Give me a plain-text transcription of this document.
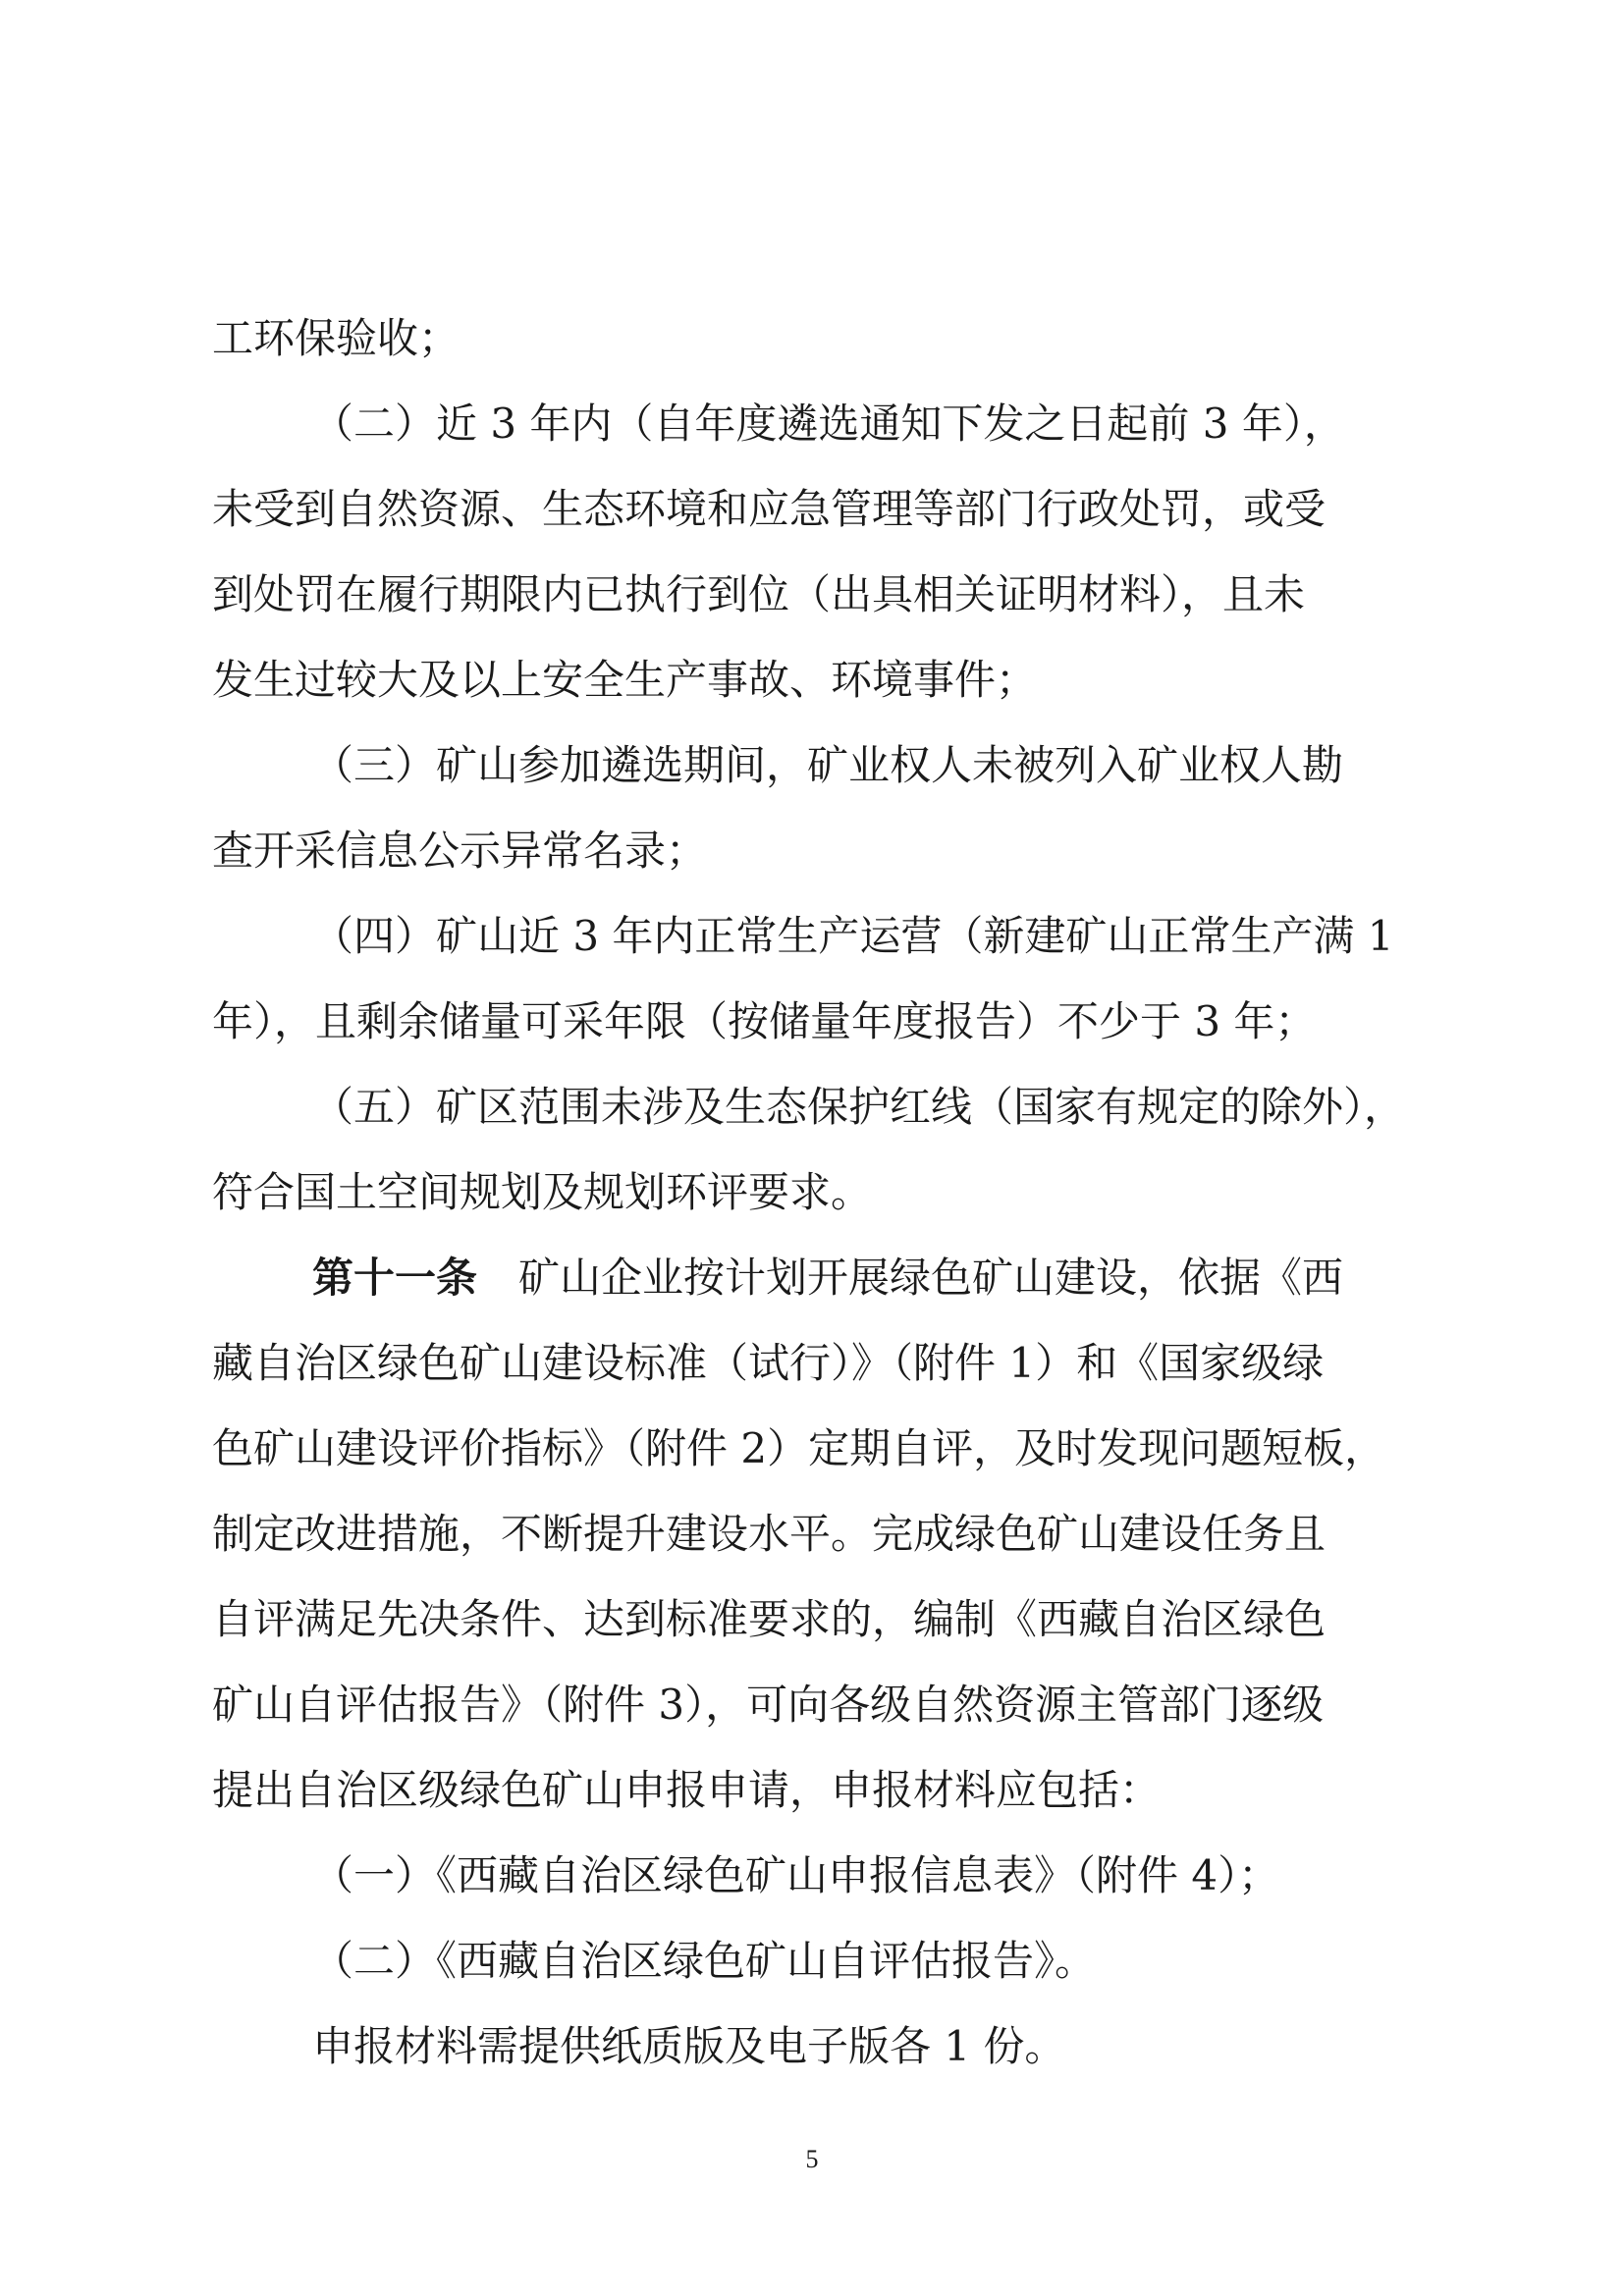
工环保验收；

（二）近 3 年内（自年度遴选通知下发之日起前 3 年），

未受到自然资源、生态环境和应急管理等部门行政处罚，或受

到处罚在履行期限内已执行到位（出具相关证明材料），且未

发生过较大及以上安全生产事故、环境事件；

（三）矿山参加遴选期间，矿业权人未被列入矿业权人勘

查开采信息公示异常名录；

（四）矿山近 3 年内正常生产运营（新建矿山正常生产满 1

年），且剩余储量可采年限（按储量年度报告）不少于 3 年；

（五）矿区范围未涉及生态保护红线（国家有规定的除外），

符合国土空间规划及规划环评要求。

第十一条 　矿山企业按计划开展绿色矿山建设，依据《西

藏自治区绿色矿山建设标准（试行）》（附件 1）和《国家级绿

色矿山建设评价指标》（附件 2）定期自评，及时发现问题短板，

制定改进措施，不断提升建设水平。完成绿色矿山建设任务且

自评满足先决条件、达到标准要求的，编制《西藏自治区绿色

矿山自评估报告》（附件 3），可向各级自然资源主管部门逐级

提出自治区级绿色矿山申报申请，申报材料应包括：

（一）《西藏自治区绿色矿山申报信息表》（附件 4）；

（二）《西藏自治区绿色矿山自评估报告》。

申报材料需提供纸质版及电子版各 1 份。

5
